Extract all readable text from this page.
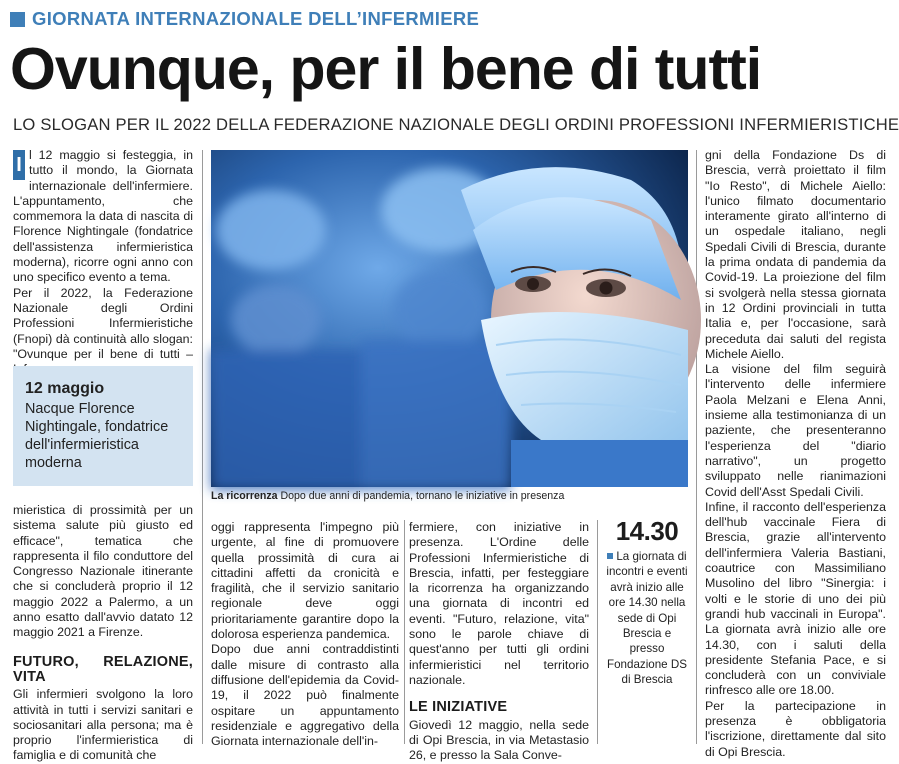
GIORNATA INTERNAZIONALE DELL’INFERMIERE
Ovunque, per il bene di tutti
LO SLOGAN PER IL 2022 DELLA FEDERAZIONE NAZIONALE DEGLI ORDINI PROFESSIONI INFERMIERISTICHE

I l 12 maggio si festeggia, in tutto il mondo, la Giornata internazionale dell'infermiere. L'appuntamento, che commemora la data di nascita di Florence Nightingale (fondatrice dell'assistenza infermieristica moderna), ricorre ogni anno con uno specifico evento a tema.

Per il 2022, la Federazione Nazionale degli Ordini Professioni Infermieristiche (Fnopi) dà continuità allo slogan: "Ovunque per il bene di tutti –

12 maggio
Nacque Florence Nightingale, fondatrice dell'infermieristica moderna

mieristica di prossimità per un sistema salute più giusto ed efficace", tematica che rappresenta il filo conduttore del Congresso Nazionale itinerante che si concluderà proprio il 12 maggio 2022 a Palermo, a un anno esatto dall'avvio datato 12 maggio 2021 a Firenze.

FUTURO, RELAZIONE, VITA

Gli infermieri svolgono la loro attività in tutti i servizi sanitari e sociosanitari alla persona; ma è proprio l'infermieristica di famiglia e di comunità che

La ricorrenza Dopo due anni di pandemia, tornano le iniziative in presenza

oggi rappresenta l'impegno più urgente, al fine di promuovere quella prossimità di cura ai cittadini affetti da cronicità e fragilità, che il servizio sanitario regionale deve oggi prioritariamente garantire dopo la dolorosa esperienza pandemica.

Dopo due anni contraddistinti dalle misure di contrasto alla diffusione dell'epidemia da Covid-19, il 2022 può finalmente ospitare un appuntamento residenziale e aggregativo della Giornata internazionale dell'in-

fermiere, con iniziative in presenza. L'Ordine delle Professioni Infermieristiche di Brescia, infatti, per festeggiare la ricorrenza ha organizzando una giornata di incontri ed eventi. "Futuro, relazione, vita" sono le parole chiave di quest'anno per tutti gli ordini infermieristici nel territorio nazionale.

LE INIZIATIVE

Giovedì 12 maggio, nella sede di Opi Brescia, in via Metastasio 26, e presso la Sala Conve-

14.30
La giornata di incontri e eventi avrà inizio alle ore 14.30 nella sede di Opi Brescia e presso Fondazione DS di Brescia

gni della Fondazione Ds di Brescia, verrà proiettato il film "Io Resto", di Michele Aiello: l'unico filmato documentario interamente girato all'interno di un ospedale italiano, negli Spedali Civili di Brescia, durante la prima ondata di pandemia da Covid-19. La proiezione del film si svolgerà nella stessa giornata in 12 Ordini provinciali in tutta Italia e, per l'occasione, sarà preceduta dai saluti del regista Michele Aiello.

La visione del film seguirà l'intervento delle infermiere Paola Melzani e Elena Anni, insieme alla testimonianza di un paziente, che presenteranno l'esperienza del "diario narrativo", un progetto sviluppato nelle rianimazioni Covid dell'Asst Spedali Civili.

Infine, il racconto dell'esperienza dell'hub vaccinale Fiera di Brescia, grazie all'intervento dell'infermiera Valeria Bastiani, coautrice con Massimiliano Musolino del libro "Sinergia: i volti e le storie di uno dei più grandi hub vaccinali in Europa". La giornata avrà inizio alle ore 14.30, con i saluti della presidente Stefania Pace, e si concluderà con un conviviale rinfresco alle ore 18.00.

Per la partecipazione in presenza è obbligatoria l'iscrizione, direttamente dal sito di Opi Brescia.
